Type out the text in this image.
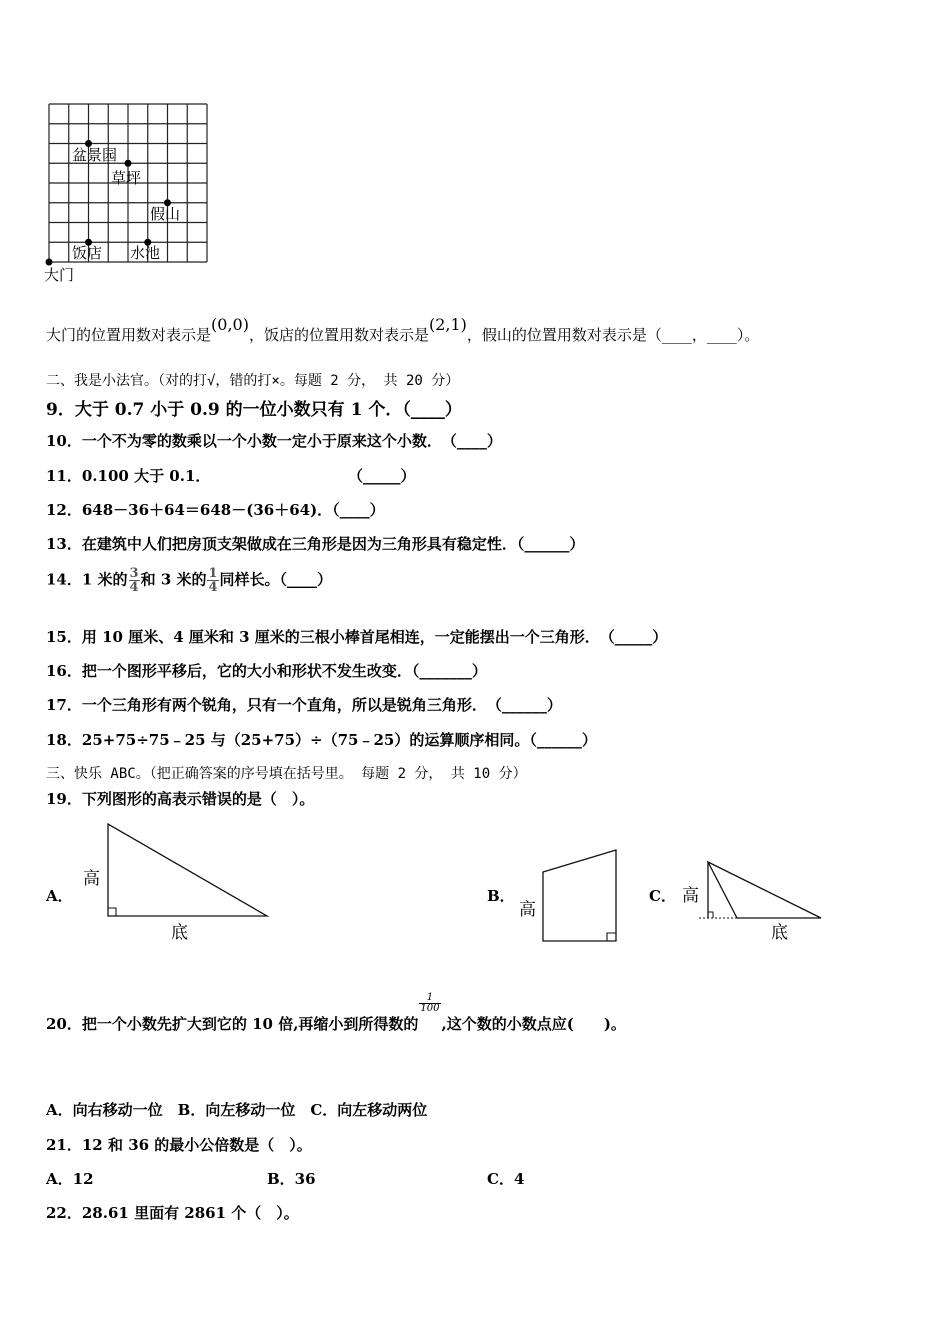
盆景园
草坪
假山
饭店 水池
大门
大门的位置用数对表示是(0,0)，饭店的位置用数对表示是(2,1)，假山的位置用数对表示是（____，____）。
二、我是小法官。（对的打√，错的打×。每题 2 分， 共 20 分）
9．大于 0.7 小于 0.9 的一位小数只有 1 个．（____）
10．一个不为零的数乘以一个小数一定小于原来这个小数．　（____）
11．0.100 大于 0.1．	（_____）
12．648－36＋64＝648－(36＋64)．（____）
13．在建筑中人们把房顶支架做成在三角形是因为三角形具有稳定性．（______）
14．1 米的 $\frac{3}{4}$ 和 3 米的 $\frac{1}{4}$ 同样长。（____）
15．用 10 厘米、4 厘米和 3 厘米的三根小棒首尾相连，一定能摆出一个三角形．　（_____）
16．把一个图形平移后，它的大小和形状不发生改变．（_______）
17．一个三角形有两个锐角，只有一个直角，所以是锐角三角形．　（______）
18．25+75÷75﹣25 与（25+75）÷（75﹣25）的运算顺序相同。（______）
三、快乐 ABC。（把正确答案的序号填在括号里。 每题 2 分， 共 10 分）
19．下列图形的高表示错误的是（　）。
A．
高
底
B．
高
C． 高
底
20．把一个小数先扩大到它的 10 倍,再缩小到所得数的
$\frac{1}{100}$
,这个数的小数点应(　　)。
A．向右移动一位　B．向左移动一位　C．向左移动两位
21．12 和 36 的最小公倍数是（　）。
A．12	B．36	C．4
22．28.61 里面有 2861 个（　）。
